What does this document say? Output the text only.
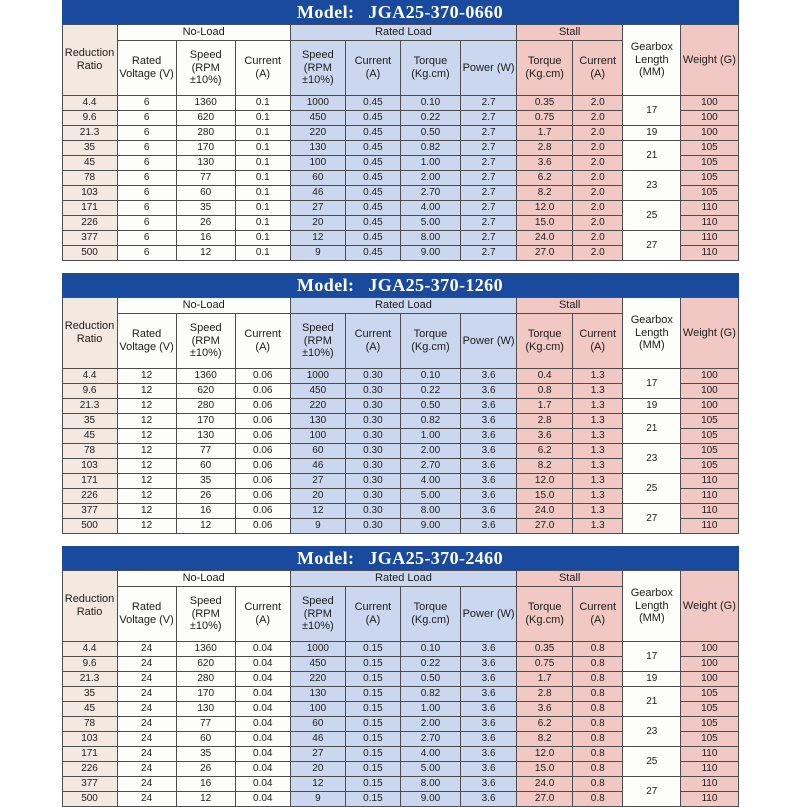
Model: JGA25-370-0660
Reduction Ratio	No-Load			Rated Load				Stall		Gearbox Length (MM)	Weight (G)
	Rated Voltage (V)	Speed (RPM ±10%)	Current (A)	Speed (RPM ±10%)	Current (A)	Torque (Kg.cm)	Power (W)	Torque (Kg.cm)	Current (A)		
4.4	6	1360	0.1	1000	0.45	0.10	2.7	0.35	2.0	17	100
9.6	6	620	0.1	450	0.45	0.22	2.7	0.75	2.0		100
21.3	6	280	0.1	220	0.45	0.50	2.7	1.7	2.0	19	100
35	6	170	0.1	130	0.45	0.82	2.7	2.8	2.0	21	105
45	6	130	0.1	100	0.45	1.00	2.7	3.6	2.0		105
78	6	77	0.1	60	0.45	2.00	2.7	6.2	2.0	23	105
103	6	60	0.1	46	0.45	2.70	2.7	8.2	2.0		105
171	6	35	0.1	27	0.45	4.00	2.7	12.0	2.0	25	110
226	6	26	0.1	20	0.45	5.00	2.7	15.0	2.0		110
377	6	16	0.1	12	0.45	8.00	2.7	24.0	2.0	27	110
500	6	12	0.1	9	0.45	9.00	2.7	27.0	2.0		110
Model: JGA25-370-1260
Reduction Ratio	No-Load			Rated Load				Stall		Gearbox Length (MM)	Weight (G)
	Rated Voltage (V)	Speed (RPM ±10%)	Current (A)	Speed (RPM ±10%)	Current (A)	Torque (Kg.cm)	Power (W)	Torque (Kg.cm)	Current (A)		
4.4	12	1360	0.06	1000	0.30	0.10	3.6	0.4	1.3	17	100
9.6	12	620	0.06	450	0.30	0.22	3.6	0.8	1.3		100
21.3	12	280	0.06	220	0.30	0.50	3.6	1.7	1.3	19	100
35	12	170	0.06	130	0.30	0.82	3.6	2.8	1.3	21	105
45	12	130	0.06	100	0.30	1.00	3.6	3.6	1.3		105
78	12	77	0.06	60	0.30	2.00	3.6	6.2	1.3	23	105
103	12	60	0.06	46	0.30	2.70	3.6	8.2	1.3		105
171	12	35	0.06	27	0.30	4.00	3.6	12.0	1.3	25	110
226	12	26	0.06	20	0.30	5.00	3.6	15.0	1.3		110
377	12	16	0.06	12	0.30	8.00	3.6	24.0	1.3	27	110
500	12	12	0.06	9	0.30	9.00	3.6	27.0	1.3		110
Model: JGA25-370-2460
Reduction Ratio	No-Load			Rated Load				Stall		Gearbox Length (MM)	Weight (G)
	Rated Voltage (V)	Speed (RPM ±10%)	Current (A)	Speed (RPM ±10%)	Current (A)	Torque (Kg.cm)	Power (W)	Torque (Kg.cm)	Current (A)		
4.4	24	1360	0.04	1000	0.15	0.10	3.6	0.35	0.8	17	100
9.6	24	620	0.04	450	0.15	0.22	3.6	0.75	0.8		100
21.3	24	280	0.04	220	0.15	0.50	3.6	1.7	0.8	19	100
35	24	170	0.04	130	0.15	0.82	3.6	2.8	0.8	21	105
45	24	130	0.04	100	0.15	1.00	3.6	3.6	0.8		105
78	24	77	0.04	60	0.15	2.00	3.6	6.2	0.8	23	105
103	24	60	0.04	46	0.15	2.70	3.6	8.2	0.8		105
171	24	35	0.04	27	0.15	4.00	3.6	12.0	0.8	25	110
226	24	26	0.04	20	0.15	5.00	3.6	15.0	0.8		110
377	24	16	0.04	12	0.15	8.00	3.6	24.0	0.8	27	110
500	24	12	0.04	9	0.15	9.00	3.6	27.0	0.8		110
